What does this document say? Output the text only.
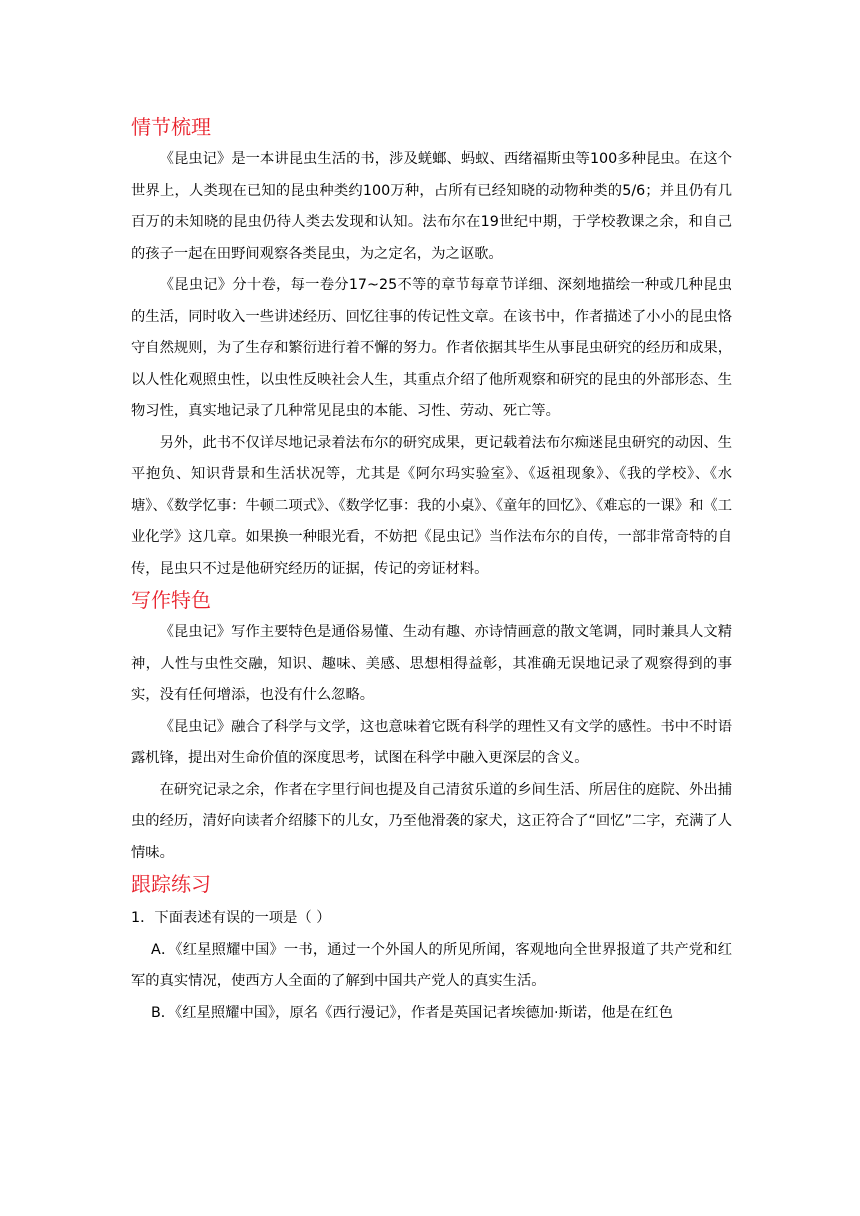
情节梳理

《昆虫记》是一本讲昆虫生活的书，涉及蜣螂、蚂蚁、西绪福斯虫等100多种昆虫。在这个世界上，人类现在已知的昆虫种类约100万种，占所有已经知晓的动物种类的5/6；并且仍有几百万的未知晓的昆虫仍待人类去发现和认知。法布尔在19世纪中期，于学校教课之余，和自己的孩子一起在田野间观察各类昆虫，为之定名，为之讴歌。

《昆虫记》分十卷，每一卷分17~25不等的章节每章节详细、深刻地描绘一种或几种昆虫的生活，同时收入一些讲述经历、回忆往事的传记性文章。在该书中，作者描述了小小的昆虫恪守自然规则，为了生存和繁衍进行着不懈的努力。作者依据其毕生从事昆虫研究的经历和成果，以人性化观照虫性，以虫性反映社会人生，其重点介绍了他所观察和研究的昆虫的外部形态、生物习性，真实地记录了几种常见昆虫的本能、习性、劳动、死亡等。

另外，此书不仅详尽地记录着法布尔的研究成果，更记载着法布尔痴迷昆虫研究的动因、生平抱负、知识背景和生活状况等，尤其是《阿尔玛实验室》、《返祖现象》、《我的学校》、《水塘》、《数学忆事：牛顿二项式》、《数学忆事：我的小桌》、《童年的回忆》、《难忘的一课》和《工业化学》这几章。如果换一种眼光看，不妨把《昆虫记》当作法布尔的自传，一部非常奇特的自传，昆虫只不过是他研究经历的证据，传记的旁证材料。

写作特色

《昆虫记》写作主要特色是通俗易懂、生动有趣、亦诗情画意的散文笔调，同时兼具人文精神，人性与虫性交融，知识、趣味、美感、思想相得益彰，其准确无误地记录了观察得到的事实，没有任何增添，也没有什么忽略。

《昆虫记》融合了科学与文学，这也意味着它既有科学的理性又有文学的感性。书中不时语露机锋，提出对生命价值的深度思考，试图在科学中融入更深层的含义。

在研究记录之余，作者在字里行间也提及自己清贫乐道的乡间生活、所居住的庭院、外出捕虫的经历，清好向读者介绍膝下的儿女，乃至他滑袭的家犬，这正符合了“回忆”二字，充满了人情味。

跟踪练习

1．下面表述有误的一项是（ ）

A．《红星照耀中国》一书，通过一个外国人的所见所闻，客观地向全世界报道了共产党和红军的真实情况，使西方人全面的了解到中国共产党人的真实生活。

B．《红星照耀中国》，原名《西行漫记》，作者是英国记者埃德加·斯诺，他是在红色
